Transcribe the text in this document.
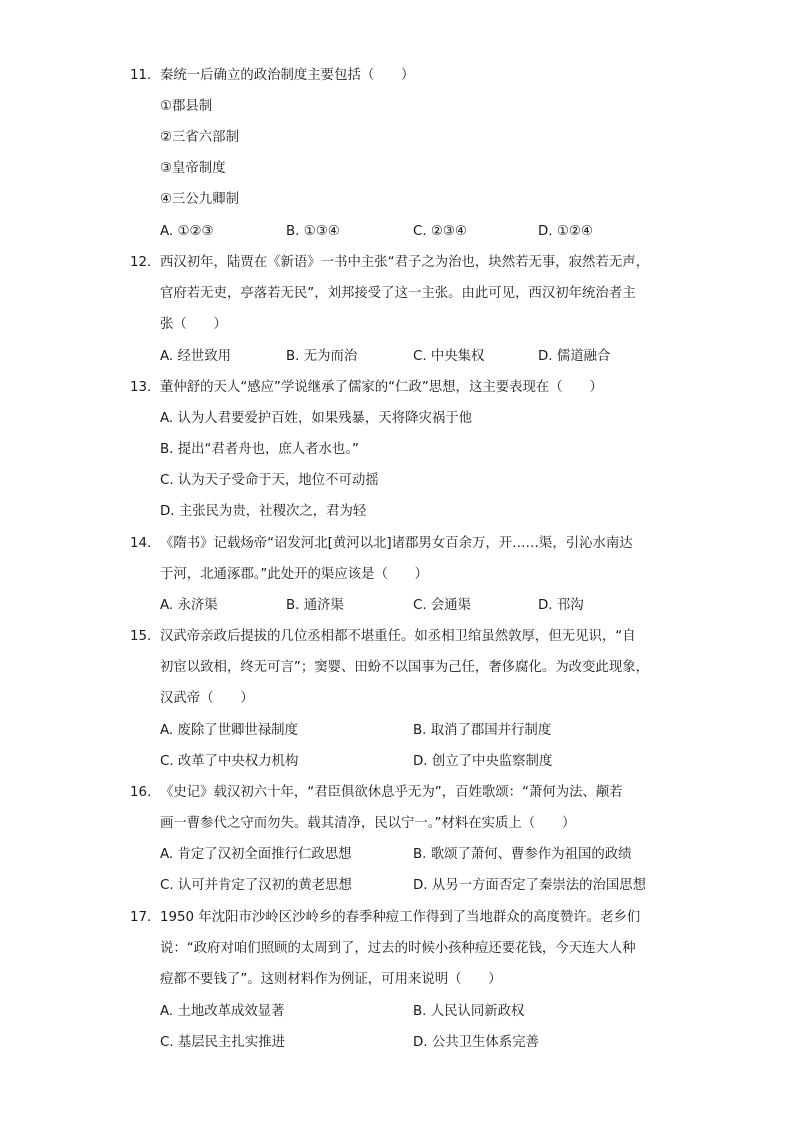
11. 秦统一后确立的政治制度主要包括（　　）
①郡县制
②三省六部制
③皇帝制度
④三公九卿制
A. ①②③	B. ①③④	C. ②③④	D. ①②④
12. 西汉初年，陆贾在《新语》一书中主张“君子之为治也，块然若无事，寂然若无声，
官府若无吏，亭落若无民”，刘邦接受了这一主张。由此可见，西汉初年统治者主
张（　　）
A. 经世致用	B. 无为而治	C. 中央集权	D. 儒道融合
13. 董仲舒的天人“感应”学说继承了儒家的“仁政”思想，这主要表现在（　　）
A. 认为人君要爱护百姓，如果残暴，天将降灾祸于他
B. 提出“君者舟也，庶人者水也。”
C. 认为天子受命于天，地位不可动摇
D. 主张民为贵，社稷次之，君为轻
14. 《隋书》记载炀帝“诏发河北[黄河以北]诸郡男女百余万，开……渠，引沁水南达
于河，北通涿郡。”此处开的渠应该是（　　）
A. 永济渠	B. 通济渠	C. 会通渠	D. 邗沟
15. 汉武帝亲政后提拔的几位丞相都不堪重任。如丞相卫绾虽然敦厚，但无见识，“自
初宦以致相，终无可言”；窦婴、田蚡不以国事为己任，奢侈腐化。为改变此现象，
汉武帝（　　）
A. 废除了世卿世禄制度	B. 取消了郡国并行制度
C. 改革了中央权力机构	D. 创立了中央监察制度
16. 《史记》载汉初六十年，“君臣俱欲休息乎无为”，百姓歌颂：“萧何为法、颟若
画一曹参代之守而勿失。载其清净，民以宁一。”材料在实质上（　　）
A. 肯定了汉初全面推行仁政思想	B. 歌颂了萧何、曹参作为祖国的政绩
C. 认可并肯定了汉初的黄老思想	D. 从另一方面否定了秦崇法的治国思想
17. 1950 年沈阳市沙岭区沙岭乡的春季种痘工作得到了当地群众的高度赞许。老乡们
说：“政府对咱们照顾的太周到了，过去的时候小孩种痘还要花钱，今天连大人种
痘都不要钱了”。这则材料作为例证，可用来说明（　　）
A. 土地改革成效显著	B. 人民认同新政权
C. 基层民主扎实推进	D. 公共卫生体系完善
